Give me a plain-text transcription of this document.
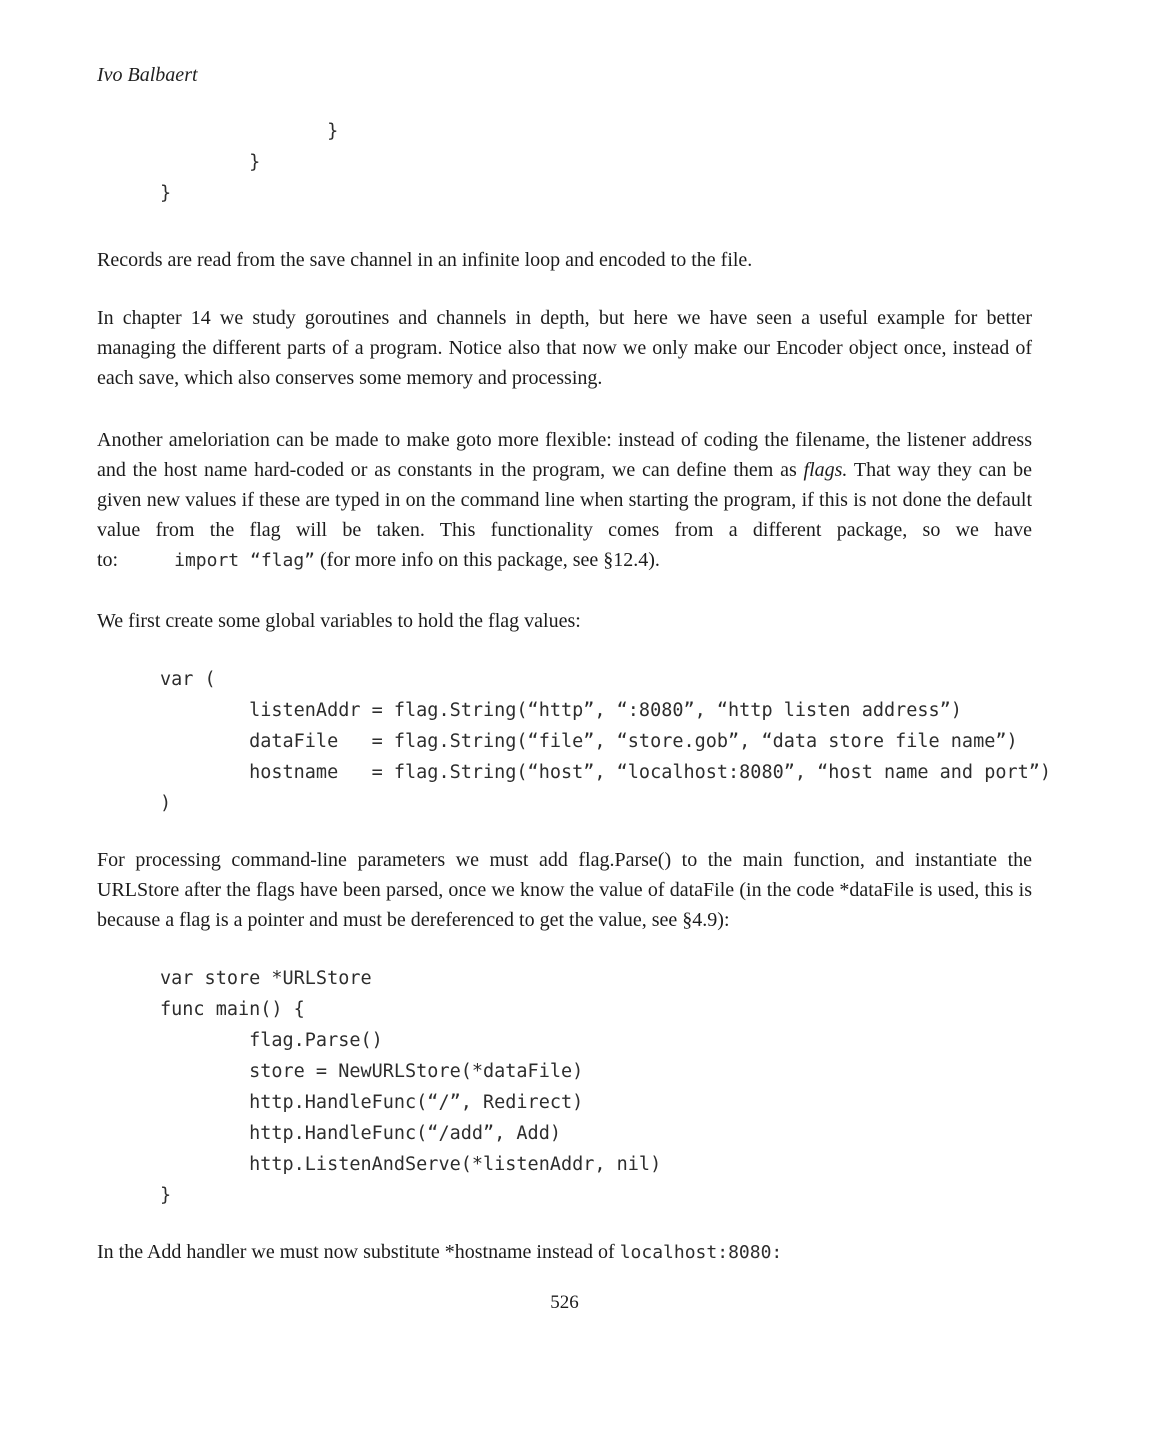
Ivo Balbaert
}
}
}

Records are read from the save channel in an infinite loop and encoded to the file.

In chapter 14 we study goroutines and channels in depth, but here we have seen a useful example for better managing the different parts of a program. Notice also that now we only make our Encoder object once, instead of each save, which also conserves some memory and processing.

Another ameloriation can be made to make goto more flexible: instead of coding the filename, the listener address and the host name hard-coded or as constants in the program, we can define them as flags. That way they can be given new values if these are typed in on the command line when starting the program, if this is not done the default value from the flag will be taken. This functionality comes from a different package, so we have to:	import “flag” (for more info on this package, see §12.4).

We first create some global variables to hold the flag values:

var (
listenAddr = flag.String(“http”, “:8080”, “http listen address”)
dataFile   = flag.String(“file”, “store.gob”, “data store file name”)
hostname   = flag.String(“host”, “localhost:8080”, “host name and port”)
)

For processing command-line parameters we must add flag.Parse() to the main function, and instantiate the URLStore after the flags have been parsed, once we know the value of dataFile (in the code *dataFile is used, this is because a flag is a pointer and must be dereferenced to get the value, see §4.9):

var store *URLStore
func main() {
flag.Parse()
store = NewURLStore(*dataFile)
http.HandleFunc(“/”, Redirect)
http.HandleFunc(“/add”, Add)
http.ListenAndServe(*listenAddr, nil)
}

In the Add handler we must now substitute *hostname instead of localhost:8080:

526
